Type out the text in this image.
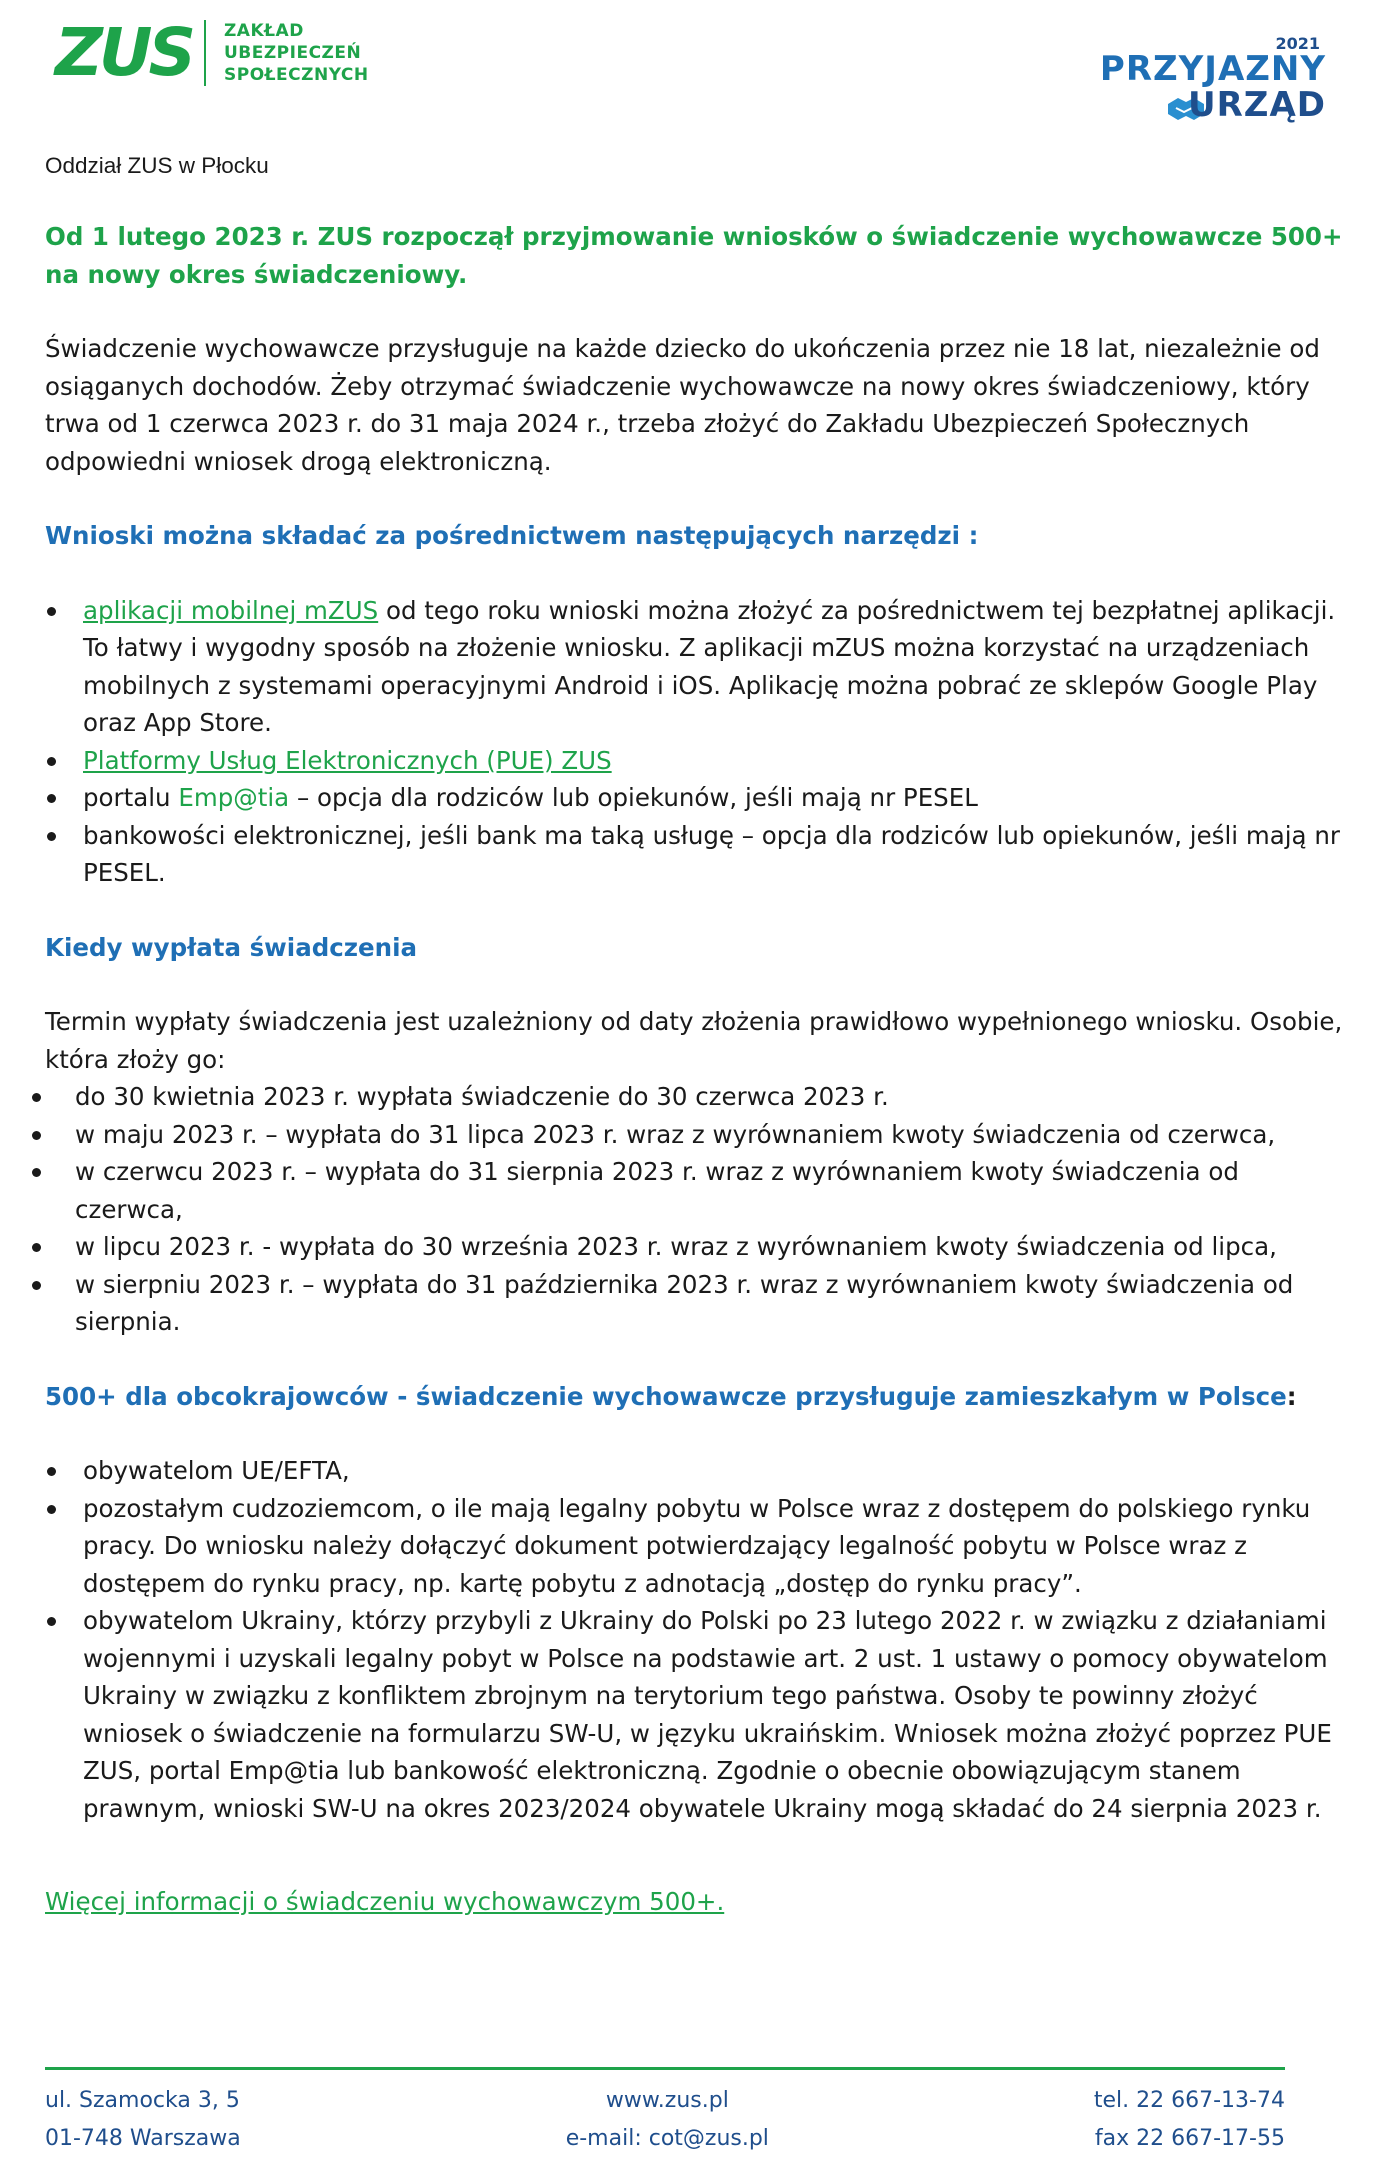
ZUS ZAKŁAD
UBEZPIECZEŃ
SPOŁECZNYCH
2021
PRZYJAZNY
URZĄD
Oddział ZUS w Płocku
Od 1 lutego 2023 r. ZUS rozpoczął przyjmowanie wniosków o świadczenie wychowawcze 500+ na nowy okres świadczeniowy.
Świadczenie wychowawcze przysługuje na każde dziecko do ukończenia przez nie 18 lat, niezależnie od osiąganych dochodów. Żeby otrzymać świadczenie wychowawcze na nowy okres świadczeniowy, który trwa od 1 czerwca 2023 r. do 31 maja 2024 r., trzeba złożyć do Zakładu Ubezpieczeń Społecznych odpowiedni wniosek drogą elektroniczną.
Wnioski można składać za pośrednictwem następujących narzędzi :
aplikacji mobilnej mZUS od tego roku wnioski można złożyć za pośrednictwem tej bezpłatnej aplikacji. To łatwy i wygodny sposób na złożenie wniosku. Z aplikacji mZUS można korzystać na urządzeniach mobilnych z systemami operacyjnymi Android i iOS. Aplikację można pobrać ze sklepów Google Play oraz App Store.
Platformy Usług Elektronicznych (PUE) ZUS
portalu Emp@tia – opcja dla rodziców lub opiekunów, jeśli mają nr PESEL
bankowości elektronicznej, jeśli bank ma taką usługę – opcja dla rodziców lub opiekunów, jeśli mają nr PESEL.
Kiedy wypłata świadczenia
Termin wypłaty świadczenia jest uzależniony od daty złożenia prawidłowo wypełnionego wniosku. Osobie, która złoży go:
do 30 kwietnia 2023 r. wypłata świadczenie do 30 czerwca 2023 r.
w maju 2023 r. – wypłata do 31 lipca 2023 r. wraz z wyrównaniem kwoty świadczenia od czerwca,
w czerwcu 2023 r. – wypłata do 31 sierpnia 2023 r. wraz z wyrównaniem kwoty świadczenia od czerwca,
w lipcu 2023 r. - wypłata do 30 września 2023 r. wraz z wyrównaniem kwoty świadczenia od lipca,
w sierpniu 2023 r. – wypłata do 31 października 2023 r. wraz z wyrównaniem kwoty świadczenia od sierpnia.
500+ dla obcokrajowców - świadczenie wychowawcze przysługuje zamieszkałym w Polsce:
obywatelom UE/EFTA,
pozostałym cudzoziemcom, o ile mają legalny pobytu w Polsce wraz z dostępem do polskiego rynku pracy. Do wniosku należy dołączyć dokument potwierdzający legalność pobytu w Polsce wraz z dostępem do rynku pracy, np. kartę pobytu z adnotacją „dostęp do rynku pracy”.
obywatelom Ukrainy, którzy przybyli z Ukrainy do Polski po 23 lutego 2022 r. w związku z działaniami wojennymi i uzyskali legalny pobyt w Polsce na podstawie art. 2 ust. 1 ustawy o pomocy obywatelom Ukrainy w związku z konfliktem zbrojnym na terytorium tego państwa. Osoby te powinny złożyć wniosek o świadczenie na formularzu SW-U, w języku ukraińskim. Wniosek można złożyć poprzez PUE ZUS, portal Emp@tia lub bankowość elektroniczną. Zgodnie o obecnie obowiązującym stanem prawnym, wnioski SW-U na okres 2023/2024 obywatele Ukrainy mogą składać do 24 sierpnia 2023 r.
Więcej informacji o świadczeniu wychowawczym 500+.
ul. Szamocka 3, 5
01-748 Warszawa
www.zus.pl
e-mail: cot@zus.pl
tel. 22 667-13-74
fax 22 667-17-55
